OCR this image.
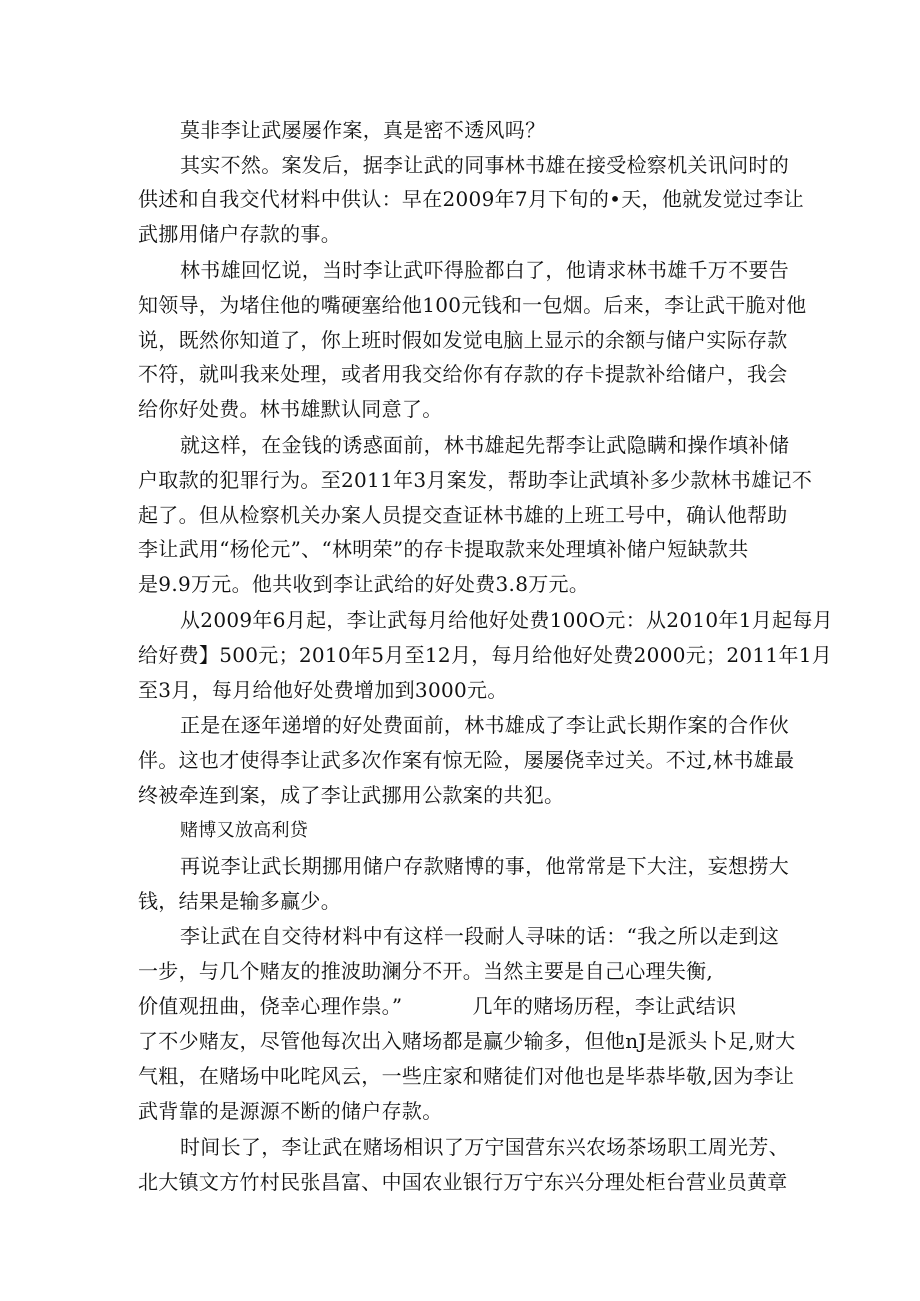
莫非李让武屡屡作案，真是密不透风吗？
其实不然。案发后，据李让武的同事林书雄在接受检察机关讯问时的
供述和自我交代材料中供认：早在2009年7月下旬的•天，他就发觉过李让
武挪用储户存款的事。
林书雄回忆说，当时李让武吓得脸都白了，他请求林书雄千万不要告
知领导，为堵住他的嘴硬塞给他100元钱和一包烟。后来，李让武干脆对他
说，既然你知道了，你上班时假如发觉电脑上显示的余额与储户实际存款
不符，就叫我来处理，或者用我交给你有存款的存卡提款补给储户，我会
给你好处费。林书雄默认同意了。
就这样，在金钱的诱惑面前，林书雄起先帮李让武隐瞒和操作填补储
户取款的犯罪行为。至2011年3月案发，帮助李让武填补多少款林书雄记不
起了。但从检察机关办案人员提交查证林书雄的上班工号中，确认他帮助
李让武用“杨伦元”、“林明荣”的存卡提取款来处理填补储户短缺款共
是9.9万元。他共收到李让武给的好处费3.8万元。
从2009年6月起，李让武每月给他好处费100O元：从2010年1月起每月
给好费】500元；2010年5月至12月，每月给他好处费2000元；2011年1月
至3月，每月给他好处费增加到3000元。
正是在逐年递增的好处费面前，林书雄成了李让武长期作案的合作伙
伴。这也才使得李让武多次作案有惊无险，屡屡侥幸过关。不过,林书雄最
终被牵连到案，成了李让武挪用公款案的共犯。
赌博又放高利贷
再说李让武长期挪用储户存款赌博的事，他常常是下大注，妄想捞大
钱，结果是输多赢少。
李让武在自交待材料中有这样一段耐人寻味的话：“我之所以走到这
一步，与几个赌友的推波助澜分不开。当然主要是自己心理失衡,
价值观扭曲，侥幸心理作祟。”	几年的赌场历程，李让武结识
了不少赌友，尽管他每次出入赌场都是赢少输多，但他nJ是派头卜足,财大
气粗，在赌场中叱咤风云，一些庄家和赌徒们对他也是毕恭毕敬,因为李让
武背靠的是源源不断的储户存款。
时间长了，李让武在赌场相识了万宁国营东兴农场茶场职工周光芳、
北大镇文方竹村民张昌富、中国农业银行万宁东兴分理处柜台营业员黄章
